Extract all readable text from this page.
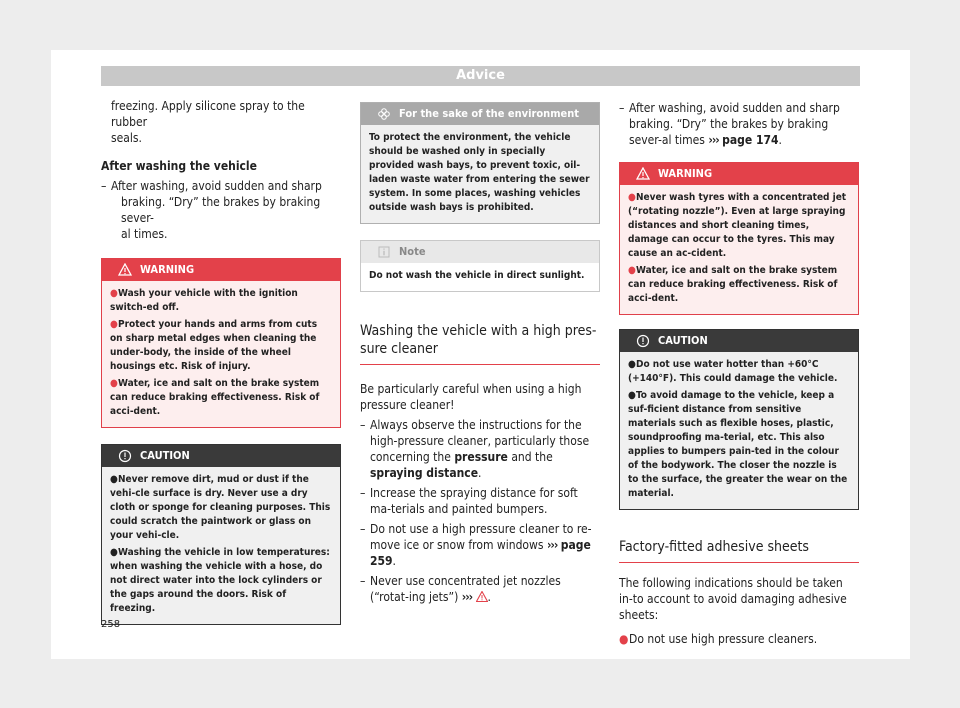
Advice

freezing. Apply silicone spray to the rubber
seals.

After washing the vehicle

– After washing, avoid sudden and sharp
braking. “Dry” the brakes by braking sever-
al times.
WARNING

●Wash your vehicle with the ignition switch-ed off.

●Protect your hands and arms from cuts on sharp metal edges when cleaning the under-body, the inside of the wheel housings etc. Risk of injury.

●Water, ice and salt on the brake system can reduce braking effectiveness. Risk of acci-dent.

CAUTION

●Never remove dirt, mud or dust if the vehi-cle surface is dry. Never use a dry cloth or sponge for cleaning purposes. This could scratch the paintwork or glass on your vehi-cle.

●Washing the vehicle in low temperatures: when washing the vehicle with a hose, do not direct water into the lock cylinders or the gaps around the doors. Risk of freezing.

For the sake of the environment

To protect the environment, the vehicle should be washed only in specially provided wash bays, to prevent toxic, oil-laden waste water from entering the sewer system. In some places, washing vehicles outside wash bays is prohibited.

Note

Do not wash the vehicle in direct sunlight.

Washing the vehicle with a high pres-sure cleaner

Be particularly careful when using a high pressure cleaner!

– Always observe the instructions for the high-pressure cleaner, particularly those concerning the pressure and the spraying distance.
– Increase the spraying distance for soft ma-terials and painted bumpers.
– Do not use a high pressure cleaner to re-move ice or snow from windows ››› page 259.
– Never use concentrated jet nozzles (“rotat-ing jets”) ››› .
– After washing, avoid sudden and sharp braking. “Dry” the brakes by braking sever-al times ››› page 174.
WARNING

●Never wash tyres with a concentrated jet (“rotating nozzle”). Even at large spraying distances and short cleaning times, damage can occur to the tyres. This may cause an ac-cident.

●Water, ice and salt on the brake system can reduce braking effectiveness. Risk of acci-dent.

CAUTION

●Do not use water hotter than +60°C (+140°F). This could damage the vehicle.

●To avoid damage to the vehicle, keep a suf-ficient distance from sensitive materials such as flexible hoses, plastic, soundproofing ma-terial, etc. This also applies to bumpers pain-ted in the colour of the bodywork. The closer the nozzle is to the surface, the greater the wear on the material.

Factory-fitted adhesive sheets

The following indications should be taken in-to account to avoid damaging adhesive sheets:

●Do not use high pressure cleaners.

258
